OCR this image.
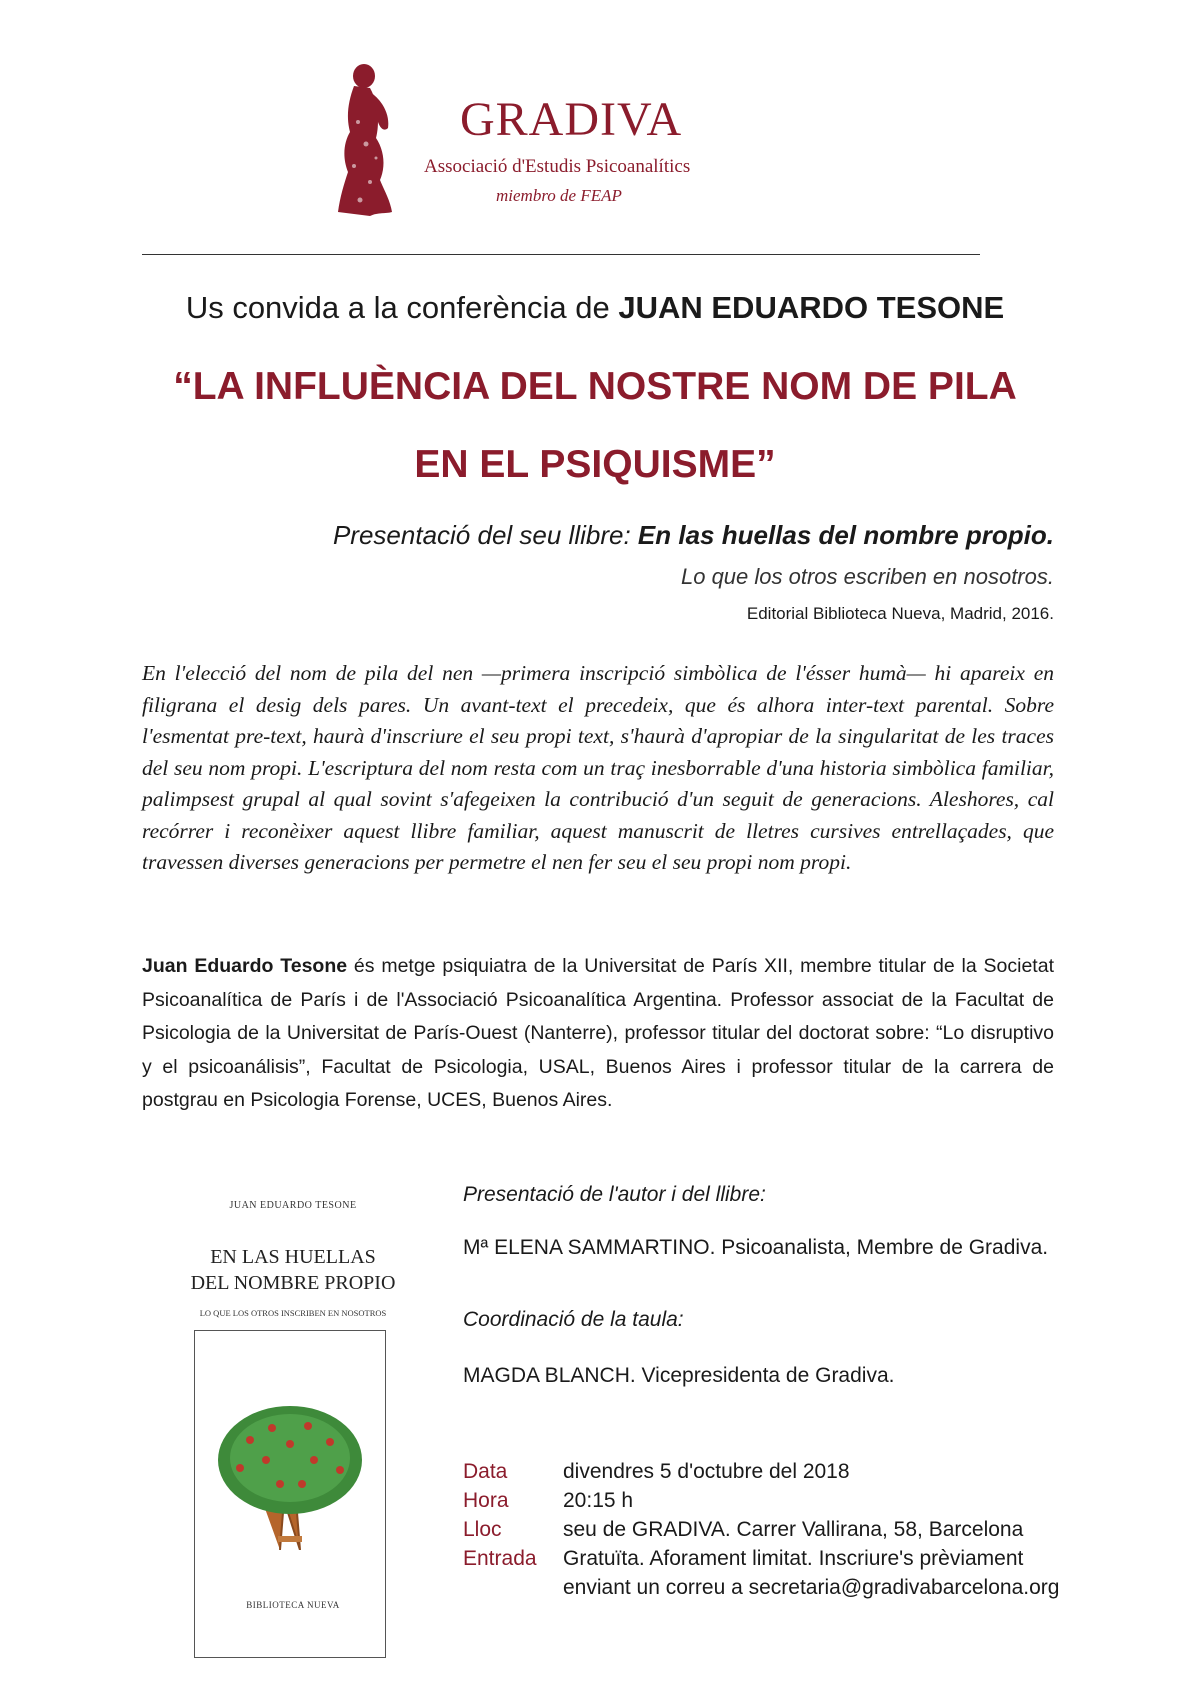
GRADIVA
Associació d'Estudis Psicoanalítics
miembro de FEAP
Us convida a la conferència de JUAN EDUARDO TESONE
“LA INFLUÈNCIA DEL NOSTRE NOM DE PILA
EN EL PSIQUISME”
Presentació del seu llibre: En las huellas del nombre propio.
Lo que los otros escriben en nosotros.
Editorial Biblioteca Nueva, Madrid, 2016.
En l'elecció del nom de pila del nen —primera inscripció simbòlica de l'ésser humà— hi apareix en filigrana el desig dels pares. Un avant-text el precedeix, que és alhora inter-text parental. Sobre l'esmentat pre-text, haurà d'inscriure el seu propi text, s'haurà d'apropiar de la singularitat de les traces del seu nom propi. L'escriptura del nom resta com un traç inesborrable d'una historia simbòlica familiar, palimpsest grupal al qual sovint s'afegeixen la contribució d'un seguit de generacions. Aleshores, cal recórrer i reconèixer aquest llibre familiar, aquest manuscrit de lletres cursives entrellaçades, que travessen diverses generacions per permetre el nen fer seu el seu propi nom propi.
Juan Eduardo Tesone és metge psiquiatra de la Universitat de París XII, membre titular de la Societat Psicoanalítica de París i de l'Associació Psicoanalítica Argentina. Professor associat de la Facultat de Psicologia de la Universitat de París-Ouest (Nanterre), professor titular del doctorat sobre: “Lo disruptivo y el psicoanálisis”, Facultat de Psicologia, USAL, Buenos Aires i professor titular de la carrera de postgrau en Psicologia Forense, UCES, Buenos Aires.
JUAN EDUARDO TESONE
EN LAS HUELLAS
DEL NOMBRE PROPIO
LO QUE LOS OTROS INSCRIBEN EN NOSOTROS
BIBLIOTECA NUEVA
Presentació de l'autor i del llibre:
Mª ELENA SAMMARTINO. Psicoanalista, Membre de Gradiva.
Coordinació de la taula:
MAGDA BLANCH. Vicepresidenta de Gradiva.
Data	divendres 5 d'octubre del 2018
Hora	20:15 h
Lloc	seu de GRADIVA. Carrer Vallirana, 58, Barcelona
Entrada Gratuïta. Aforament limitat. Inscriure's prèviament
enviant un correu a secretaria@gradivabarcelona.org
